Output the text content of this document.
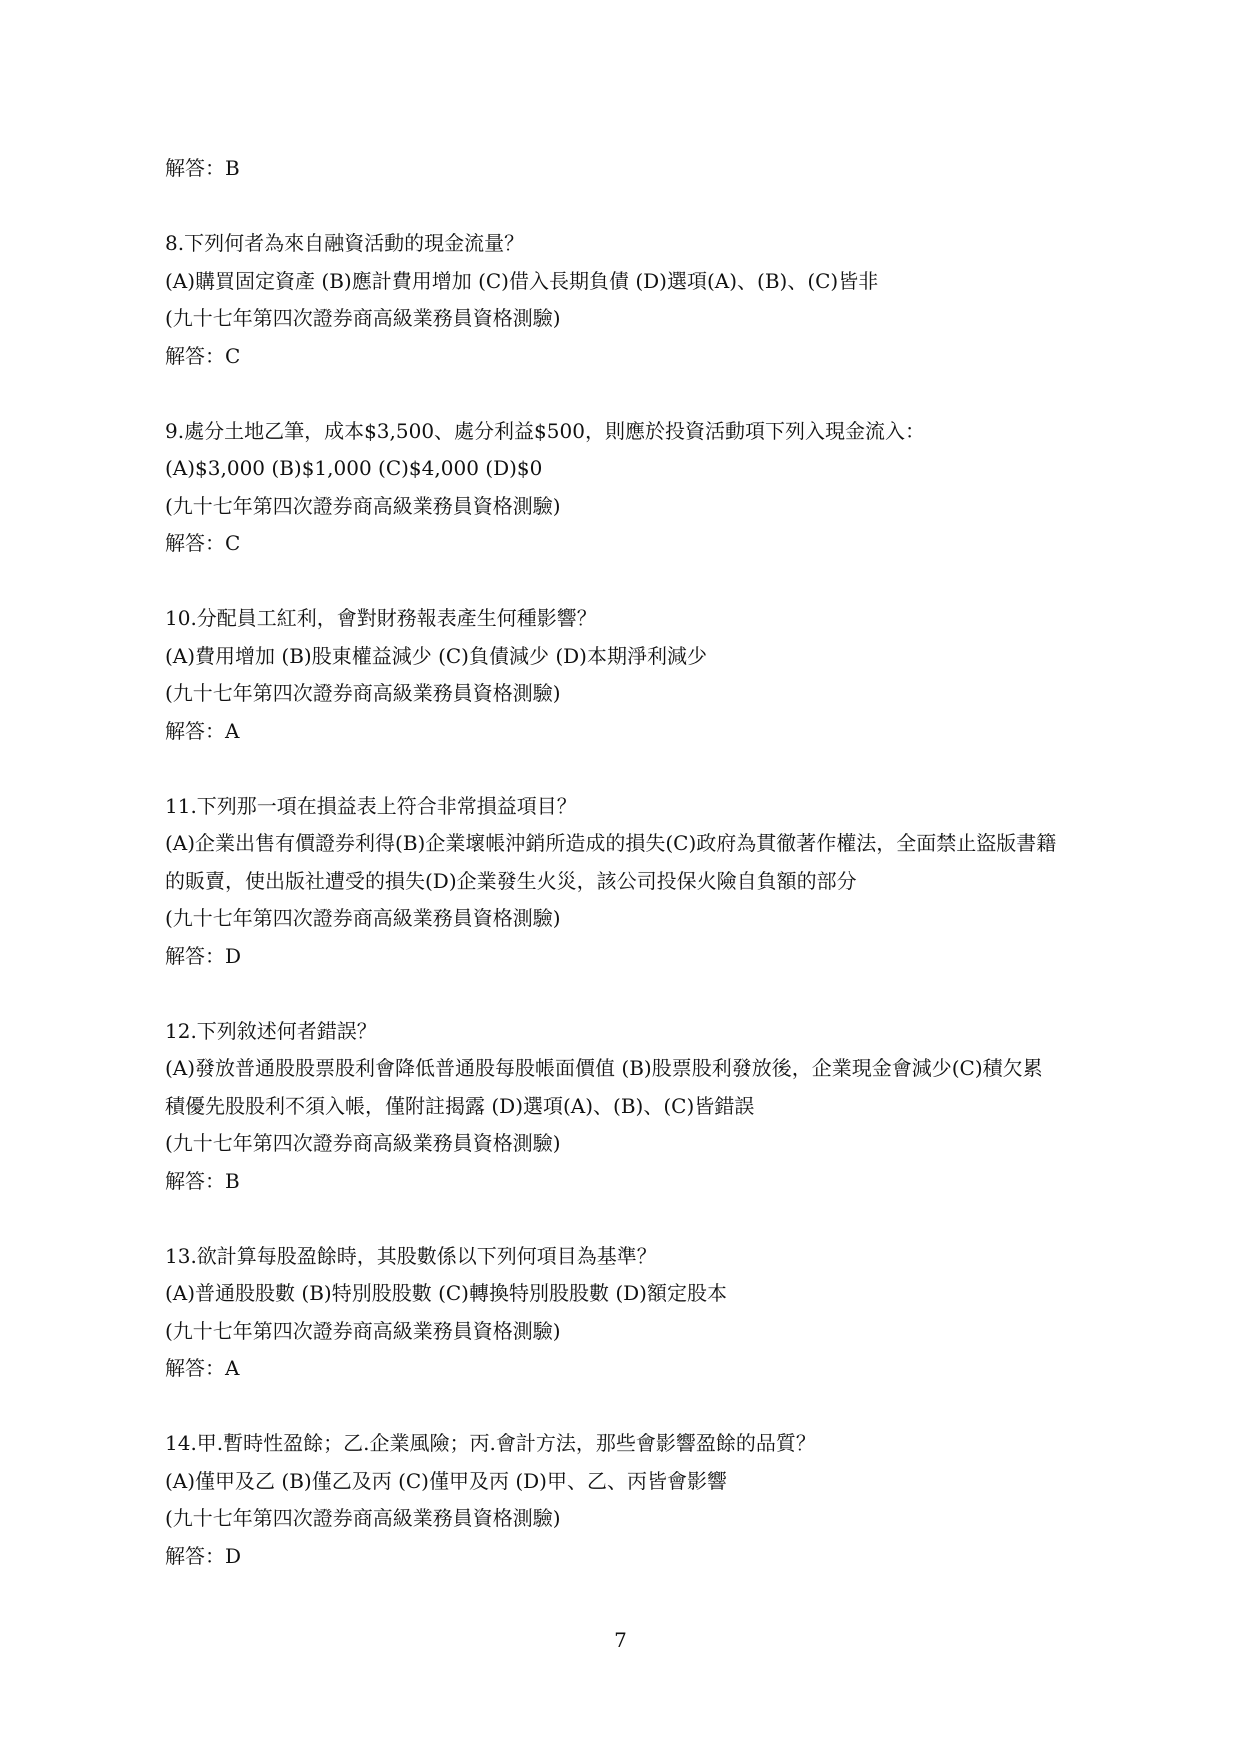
解答：B
8.下列何者為來自融資活動的現金流量？
(A)購買固定資產 (B)應計費用增加 (C)借入長期負債 (D)選項(A)、(B)、(C)皆非
(九十七年第四次證券商高級業務員資格測驗)
解答：C
9.處分土地乙筆，成本$3,500、處分利益$500，則應於投資活動項下列入現金流入：
(A)$3,000 (B)$1,000 (C)$4,000 (D)$0
(九十七年第四次證券商高級業務員資格測驗)
解答：C
10.分配員工紅利，會對財務報表產生何種影響？
(A)費用增加 (B)股東權益減少 (C)負債減少 (D)本期淨利減少
(九十七年第四次證券商高級業務員資格測驗)
解答：A
11.下列那一項在損益表上符合非常損益項目？
(A)企業出售有價證券利得(B)企業壞帳沖銷所造成的損失(C)政府為貫徹著作權法，全面禁止盜版書籍
的販賣，使出版社遭受的損失(D)企業發生火災，該公司投保火險自負額的部分
(九十七年第四次證券商高級業務員資格測驗)
解答：D
12.下列敘述何者錯誤？
(A)發放普通股股票股利會降低普通股每股帳面價值 (B)股票股利發放後，企業現金會減少(C)積欠累
積優先股股利不須入帳，僅附註揭露 (D)選項(A)、(B)、(C)皆錯誤
(九十七年第四次證券商高級業務員資格測驗)
解答：B
13.欲計算每股盈餘時，其股數係以下列何項目為基準？
(A)普通股股數 (B)特別股股數 (C)轉換特別股股數 (D)額定股本
(九十七年第四次證券商高級業務員資格測驗)
解答：A
14.甲.暫時性盈餘；乙.企業風險；丙.會計方法，那些會影響盈餘的品質？
(A)僅甲及乙 (B)僅乙及丙 (C)僅甲及丙 (D)甲、乙、丙皆會影響
(九十七年第四次證券商高級業務員資格測驗)
解答：D
7
